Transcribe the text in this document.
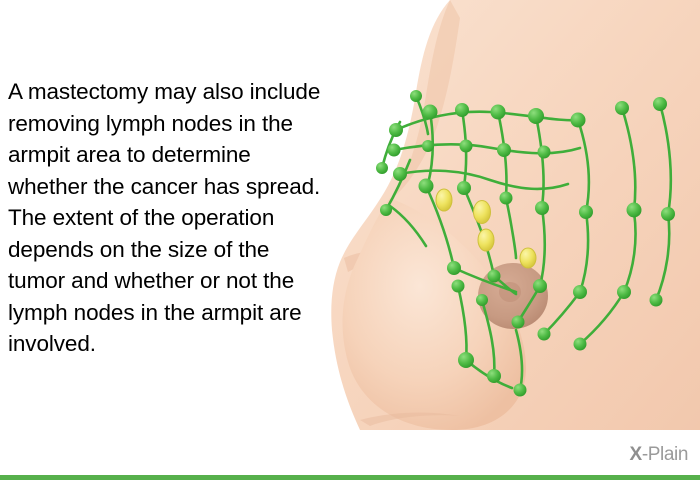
A mastectomy may also include removing lymph nodes in the armpit area to determine whether the cancer has spread. The extent of the operation depends on the size of the tumor and whether or not the lymph nodes in the armpit are involved.
X-Plain
